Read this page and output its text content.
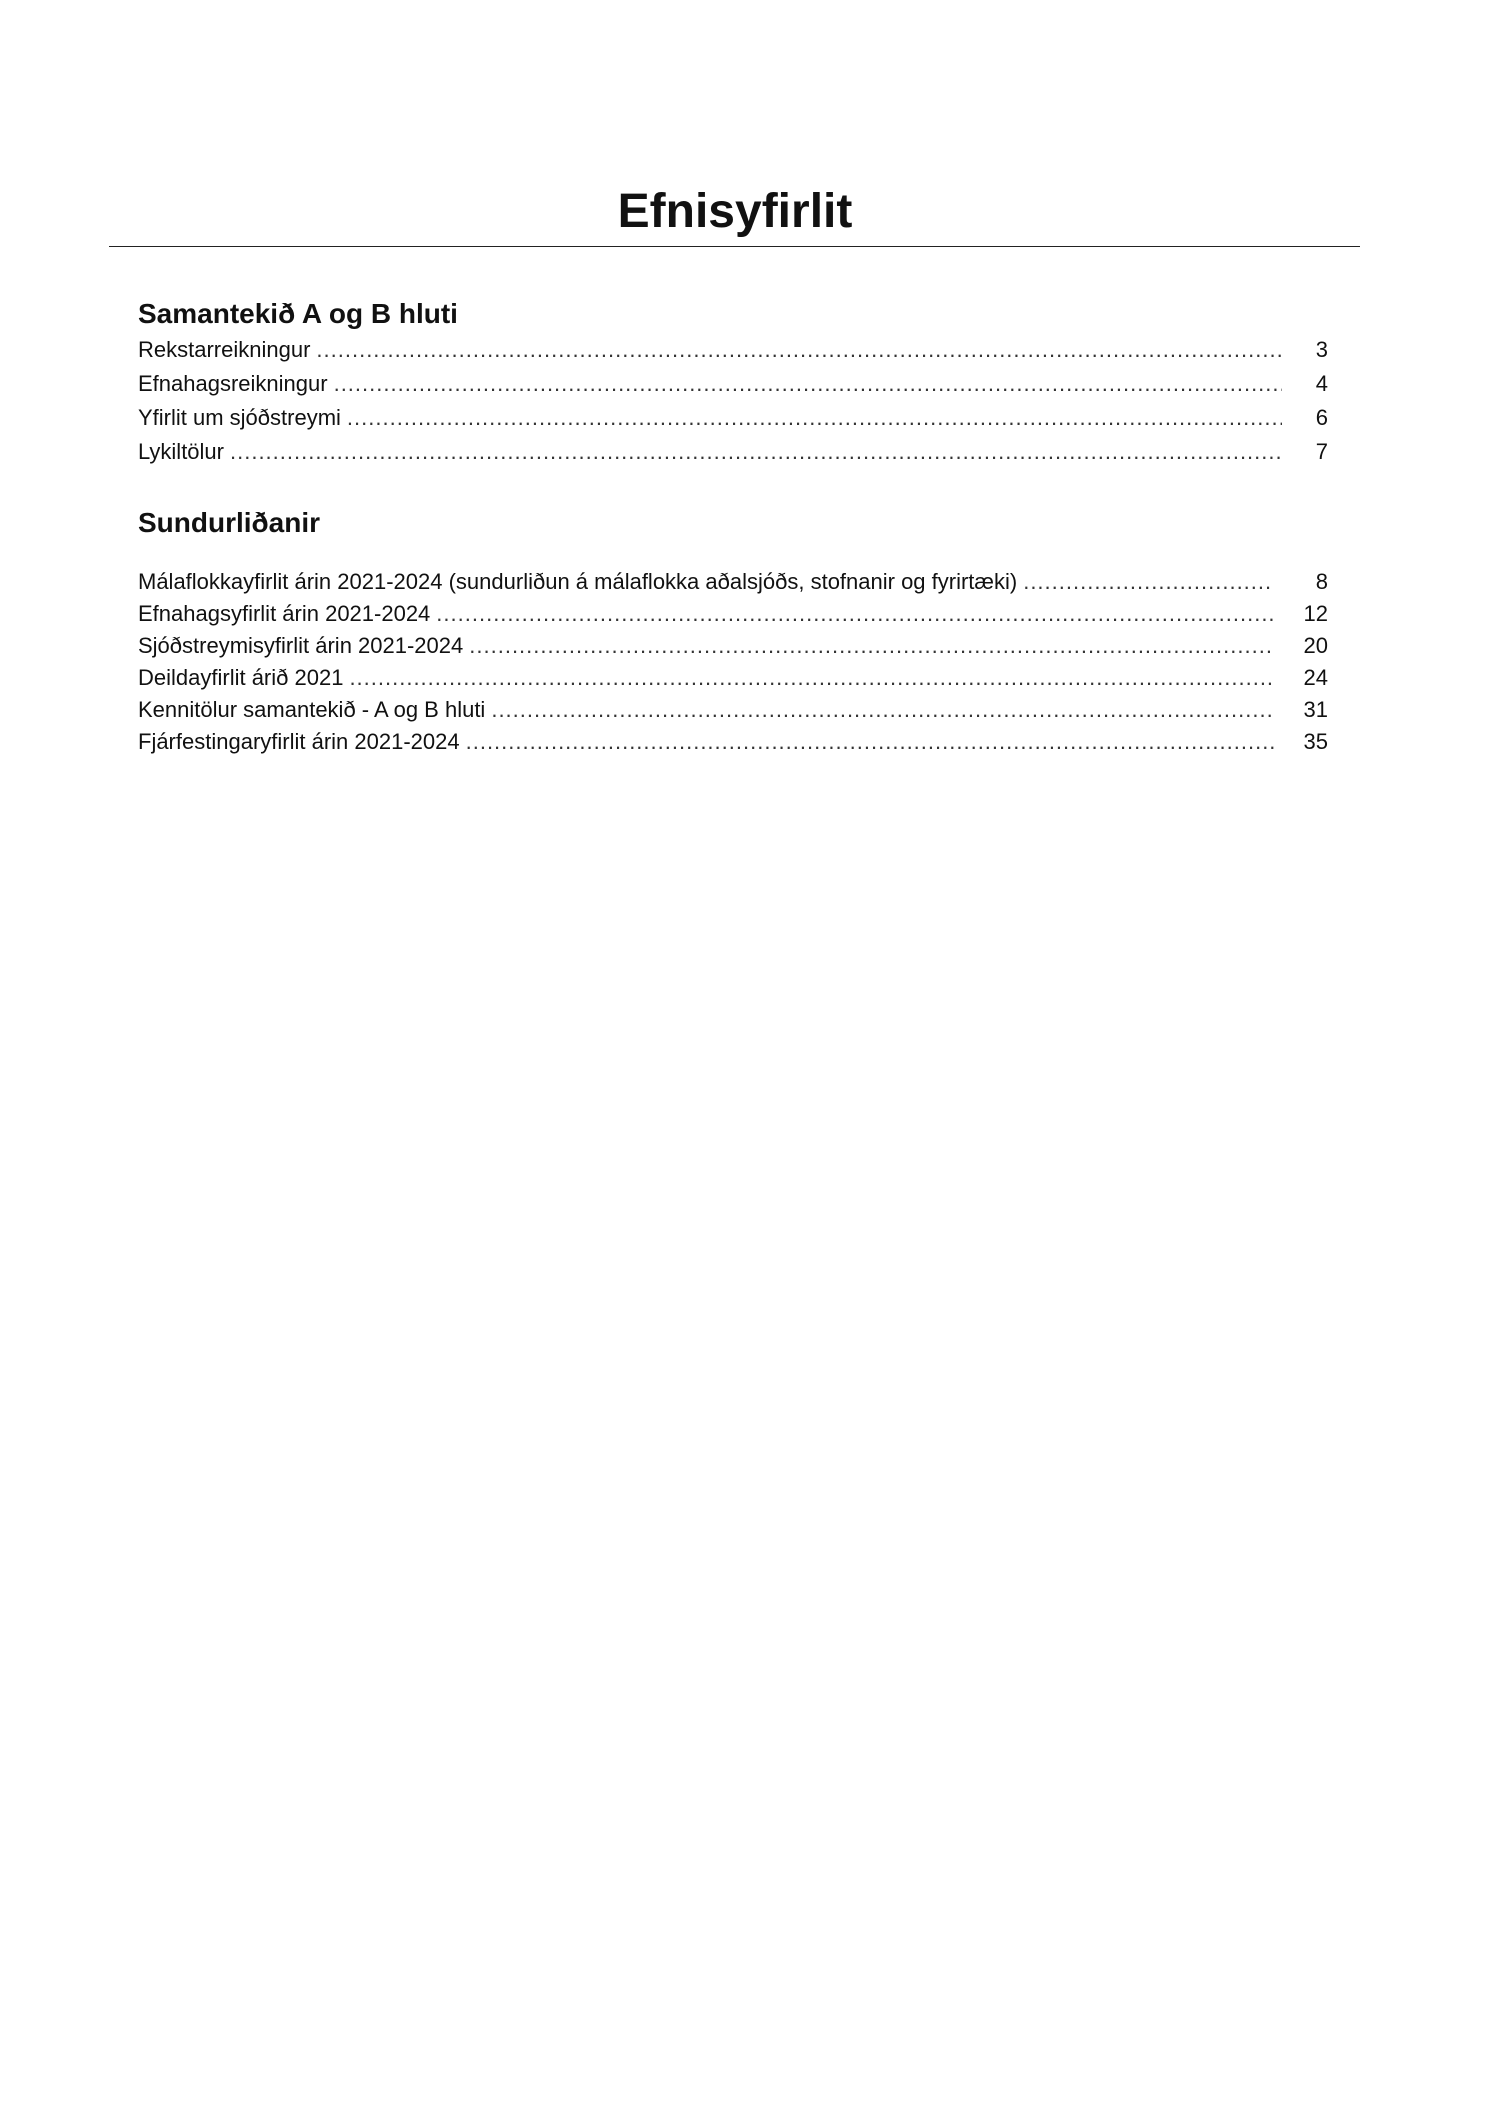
Efnisyfirlit
Samantekið A og B hluti
Rekstarreikningur .....	3
Efnahagsreikningur .....	4
Yfirlit um sjóðstreymi .....	6
Lykiltölur .....	7
Sundurliðanir
Málaflokkayfirlit árin 2021-2024 (sundurliðun á málaflokka aðalsjóðs, stofnanir og fyrirtæki) .....	8
Efnahagsyfirlit árin 2021-2024 .....	12
Sjóðstreymisyfirlit árin 2021-2024 .....	20
Deildayfirlit árið 2021 .....	24
Kennitölur samantekið - A og B hluti .....	31
Fjárfestingaryfirlit árin 2021-2024 .....	35
